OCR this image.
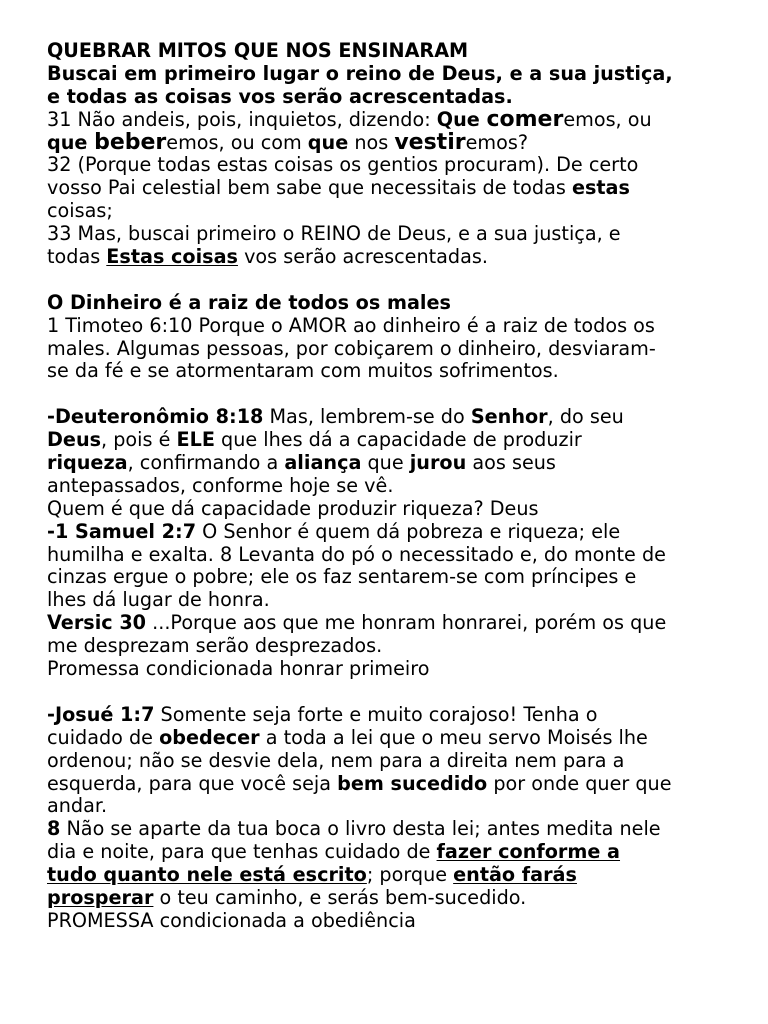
QUEBRAR MITOS QUE NOS ENSINARAM
Buscai em primeiro lugar o reino de Deus, e a sua justiça,
e todas as coisas vos serão acrescentadas.
31 Não andeis, pois, inquietos, dizendo: Que comeremos, ou
que beberemos, ou com que nos vestiremos?
32 (Porque todas estas coisas os gentios procuram). De certo
vosso Pai celestial bem sabe que necessitais de todas estas
coisas;
33 Mas, buscai primeiro o REINO de Deus, e a sua justiça, e
todas Estas coisas vos serão acrescentadas.
O Dinheiro é a raiz de todos os males
1 Timoteo 6:10 Porque o AMOR ao dinheiro é a raiz de todos os
males. Algumas pessoas, por cobiçarem o dinheiro, desviaram-
se da fé e se atormentaram com muitos sofrimentos.
-Deuteronômio 8:18 Mas, lembrem-se do Senhor, do seu
Deus, pois é ELE que lhes dá a capacidade de produzir
riqueza, confirmando a aliança que jurou aos seus
antepassados, conforme hoje se vê.
Quem é que dá capacidade produzir riqueza? Deus
-1 Samuel 2:7 O Senhor é quem dá pobreza e riqueza; ele
humilha e exalta. 8 Levanta do pó o necessitado e, do monte de
cinzas ergue o pobre; ele os faz sentarem-se com príncipes e
lhes dá lugar de honra.
Versic 30 ...Porque aos que me honram honrarei, porém os que
me desprezam serão desprezados.
Promessa condicionada honrar primeiro
-Josué 1:7 Somente seja forte e muito corajoso! Tenha o
cuidado de obedecer a toda a lei que o meu servo Moisés lhe
ordenou; não se desvie dela, nem para a direita nem para a
esquerda, para que você seja bem sucedido por onde quer que
andar.
8 Não se aparte da tua boca o livro desta lei; antes medita nele
dia e noite, para que tenhas cuidado de fazer conforme a
tudo quanto nele está escrito; porque então farás
prosperar o teu caminho, e serás bem-sucedido.
PROMESSA condicionada a obediência
